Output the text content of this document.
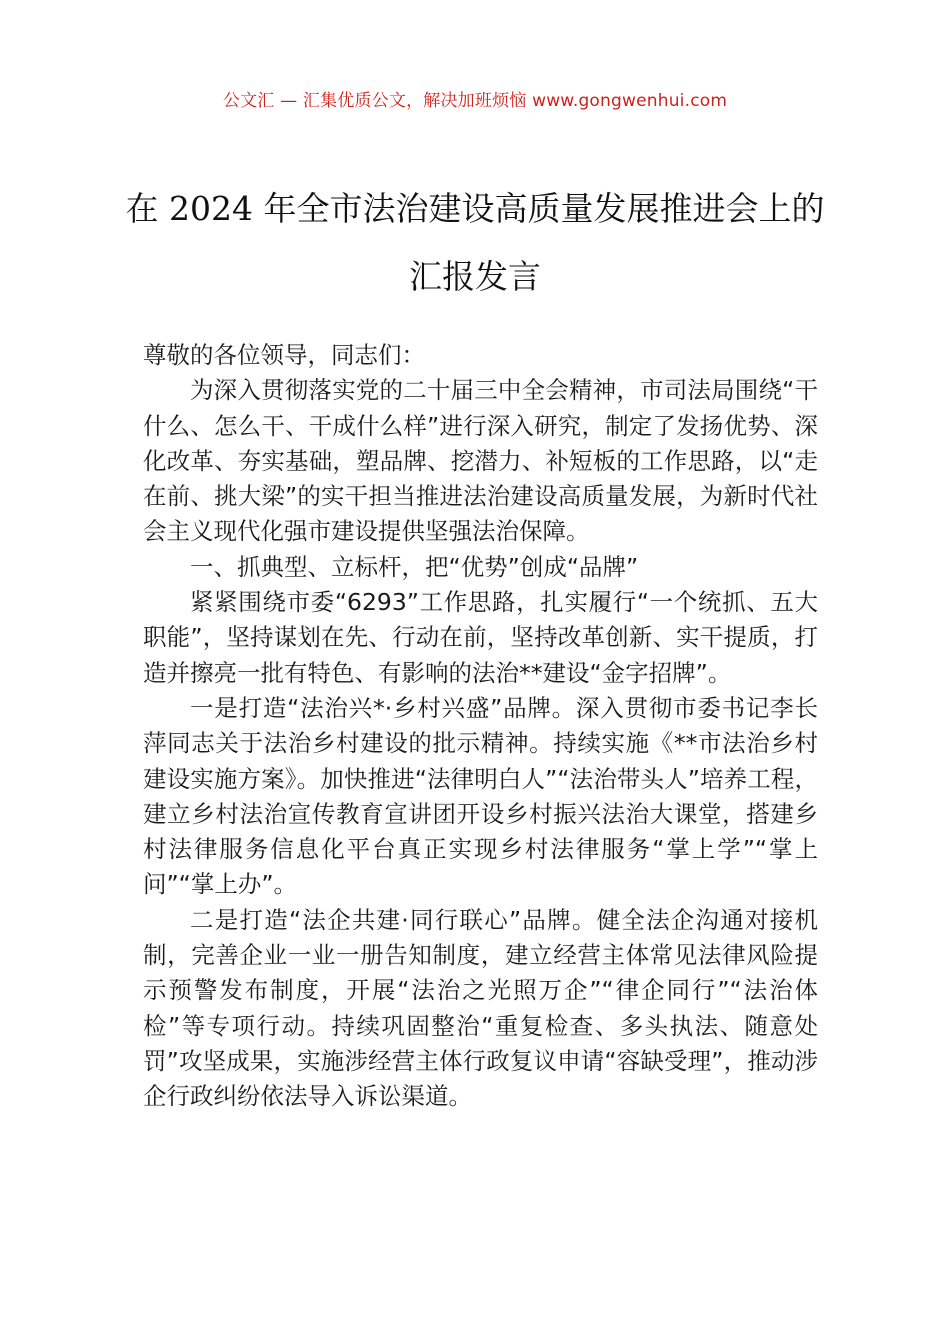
公文汇 — 汇集优质公文，解决加班烦恼 www.gongwenhui.com
在 2024 年全市法治建设高质量发展推进会上的汇报发言

尊敬的各位领导，同志们：

为深入贯彻落实党的二十届三中全会精神，市司法局围绕“干什么、怎么干、干成什么样”进行深入研究，制定了发扬优势、深化改革、夯实基础，塑品牌、挖潜力、补短板的工作思路，以“走在前、挑大梁”的实干担当推进法治建设高质量发展，为新时代社会主义现代化强市建设提供坚强法治保障。

一、抓典型、立标杆，把“优势”创成“品牌”

紧紧围绕市委“6293”工作思路，扎实履行“一个统抓、五大职能”，坚持谋划在先、行动在前，坚持改革创新、实干提质，打造并擦亮一批有特色、有影响的法治**建设“金字招牌”。

一是打造“法治兴*·乡村兴盛”品牌。深入贯彻市委书记李长萍同志关于法治乡村建设的批示精神。持续实施《**市法治乡村建设实施方案》。加快推进“法律明白人”“法治带头人”培养工程，建立乡村法治宣传教育宣讲团开设乡村振兴法治大课堂，搭建乡村法律服务信息化平台真正实现乡村法律服务“掌上学”“掌上问”“掌上办”。

二是打造“法企共建·同行联心”品牌。健全法企沟通对接机制，完善企业一业一册告知制度，建立经营主体常见法律风险提示预警发布制度，开展“法治之光照万企”“律企同行”“法治体检”等专项行动。持续巩固整治“重复检查、多头执法、随意处罚”攻坚成果，实施涉经营主体行政复议申请“容缺受理”，推动涉企行政纠纷依法导入诉讼渠道。
